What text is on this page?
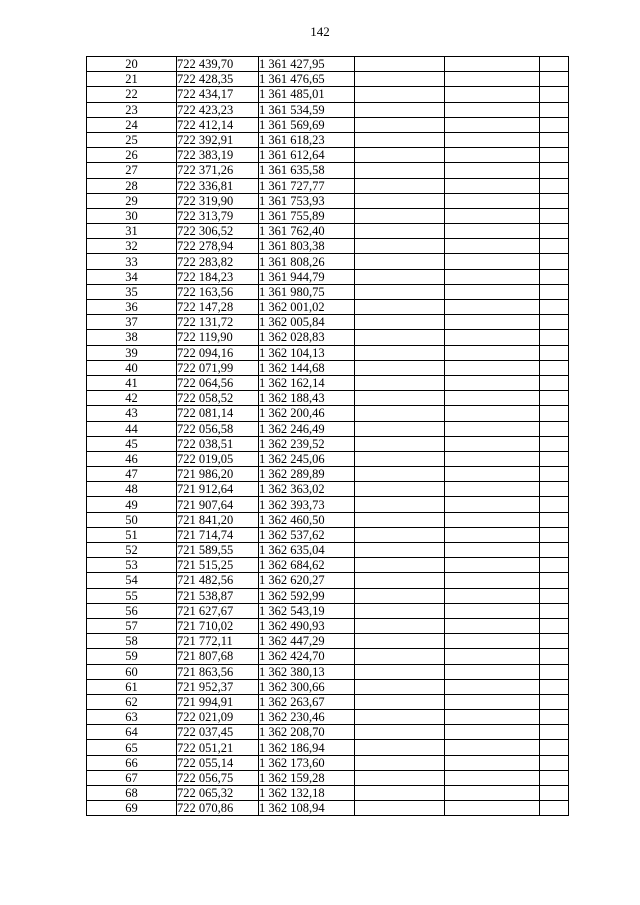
142
20	722 439,70	1 361 427,95			
21	722 428,35	1 361 476,65			
22	722 434,17	1 361 485,01			
23	722 423,23	1 361 534,59			
24	722 412,14	1 361 569,69			
25	722 392,91	1 361 618,23			
26	722 383,19	1 361 612,64			
27	722 371,26	1 361 635,58			
28	722 336,81	1 361 727,77			
29	722 319,90	1 361 753,93			
30	722 313,79	1 361 755,89			
31	722 306,52	1 361 762,40			
32	722 278,94	1 361 803,38			
33	722 283,82	1 361 808,26			
34	722 184,23	1 361 944,79			
35	722 163,56	1 361 980,75			
36	722 147,28	1 362 001,02			
37	722 131,72	1 362 005,84			
38	722 119,90	1 362 028,83			
39	722 094,16	1 362 104,13			
40	722 071,99	1 362 144,68			
41	722 064,56	1 362 162,14			
42	722 058,52	1 362 188,43			
43	722 081,14	1 362 200,46			
44	722 056,58	1 362 246,49			
45	722 038,51	1 362 239,52			
46	722 019,05	1 362 245,06			
47	721 986,20	1 362 289,89			
48	721 912,64	1 362 363,02			
49	721 907,64	1 362 393,73			
50	721 841,20	1 362 460,50			
51	721 714,74	1 362 537,62			
52	721 589,55	1 362 635,04			
53	721 515,25	1 362 684,62			
54	721 482,56	1 362 620,27			
55	721 538,87	1 362 592,99			
56	721 627,67	1 362 543,19			
57	721 710,02	1 362 490,93			
58	721 772,11	1 362 447,29			
59	721 807,68	1 362 424,70			
60	721 863,56	1 362 380,13			
61	721 952,37	1 362 300,66			
62	721 994,91	1 362 263,67			
63	722 021,09	1 362 230,46			
64	722 037,45	1 362 208,70			
65	722 051,21	1 362 186,94			
66	722 055,14	1 362 173,60			
67	722 056,75	1 362 159,28			
68	722 065,32	1 362 132,18			
69	722 070,86	1 362 108,94			
